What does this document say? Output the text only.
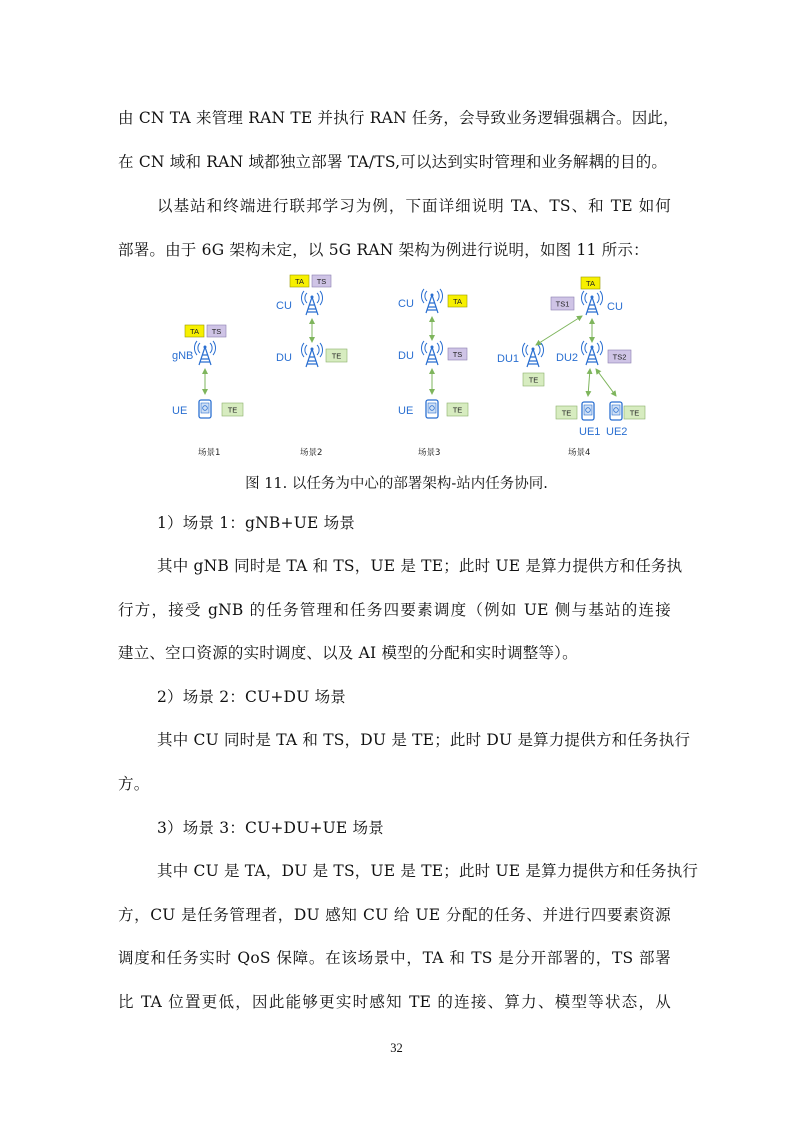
由 CN TA 来管理 RAN TE 并执行 RAN 任务，会导致业务逻辑强耦合。因此，
在 CN 域和 RAN 域都独立部署 TA/TS,可以达到实时管理和业务解耦的目的。
以基站和终端进行联邦学习为例，下面详细说明 TA、TS、和 TE 如何
部署。由于 6G 架构未定，以 5G RAN 架构为例进行说明，如图 11 所示：
TA TS
gNB
UE	TE
场景1
TA TS
CU
DU	TE
场景2
CU	TA
DU	TS
UE	TE
场景3
TA
CU
TS1
DU1
TE
DU2	TS2
TE	TE
UE1 UE2
场景4
图 11. 以任务为中心的部署架构-站内任务协同.
1）场景 1：gNB+UE 场景
其中 gNB 同时是 TA 和 TS，UE 是 TE；此时 UE 是算力提供方和任务执
行方，接受 gNB 的任务管理和任务四要素调度（例如 UE 侧与基站的连接
建立、空口资源的实时调度、以及 AI 模型的分配和实时调整等）。
2）场景 2：CU+DU 场景
其中 CU 同时是 TA 和 TS，DU 是 TE；此时 DU 是算力提供方和任务执行
方。
3）场景 3：CU+DU+UE 场景
其中 CU 是 TA，DU 是 TS，UE 是 TE；此时 UE 是算力提供方和任务执行
方，CU 是任务管理者，DU 感知 CU 给 UE 分配的任务、并进行四要素资源
调度和任务实时 QoS 保障。在该场景中，TA 和 TS 是分开部署的，TS 部署
比 TA 位置更低，因此能够更实时感知 TE 的连接、算力、模型等状态，从
32
